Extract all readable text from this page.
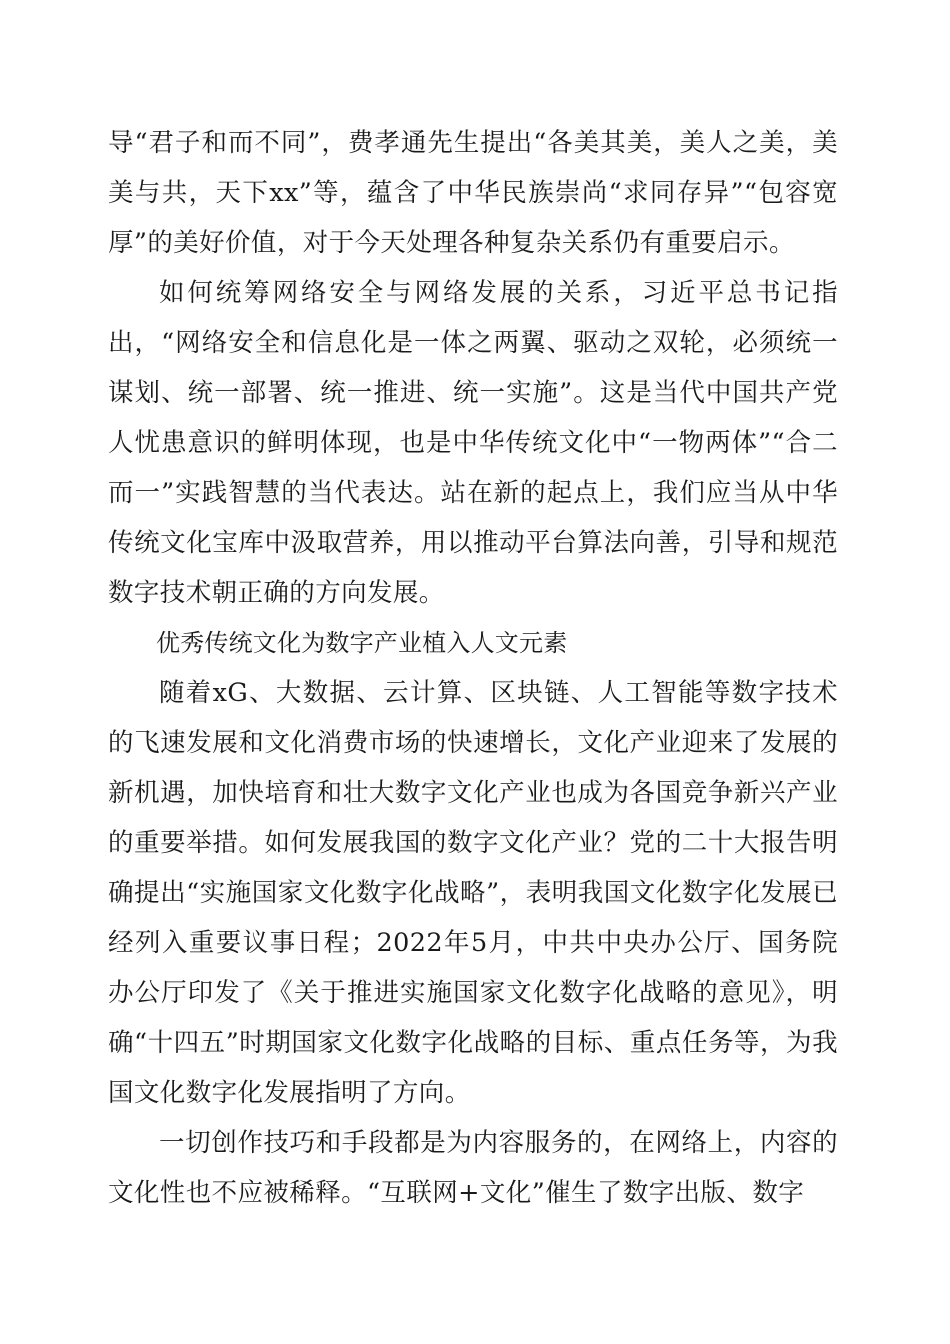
导“君子和而不同”，费孝通先生提出“各美其美，美人之美，美美与共，天下xx”等，蕴含了中华民族崇尚“求同存异”“包容宽厚”的美好价值，对于今天处理各种复杂关系仍有重要启示。

如何统筹网络安全与网络发展的关系，习近平总书记指出，“网络安全和信息化是一体之两翼、驱动之双轮，必须统一谋划、统一部署、统一推进、统一实施”。这是当代中国共产党人忧患意识的鲜明体现，也是中华传统文化中“一物两体”“合二而一”实践智慧的当代表达。站在新的起点上，我们应当从中华传统文化宝库中汲取营养，用以推动平台算法向善，引导和规范数字技术朝正确的方向发展。

优秀传统文化为数字产业植入人文元素

随着xG、大数据、云计算、区块链、人工智能等数字技术的飞速发展和文化消费市场的快速增长，文化产业迎来了发展的新机遇，加快培育和壮大数字文化产业也成为各国竞争新兴产业的重要举措。如何发展我国的数字文化产业？党的二十大报告明确提出“实施国家文化数字化战略”，表明我国文化数字化发展已经列入重要议事日程；2022年5月，中共中央办公厅、国务院办公厅印发了《关于推进实施国家文化数字化战略的意见》，明确“十四五”时期国家文化数字化战略的目标、重点任务等，为我国文化数字化发展指明了方向。

一切创作技巧和手段都是为内容服务的，在网络上，内容的文化性也不应被稀释。“互联网+文化”催生了数字出版、数字
